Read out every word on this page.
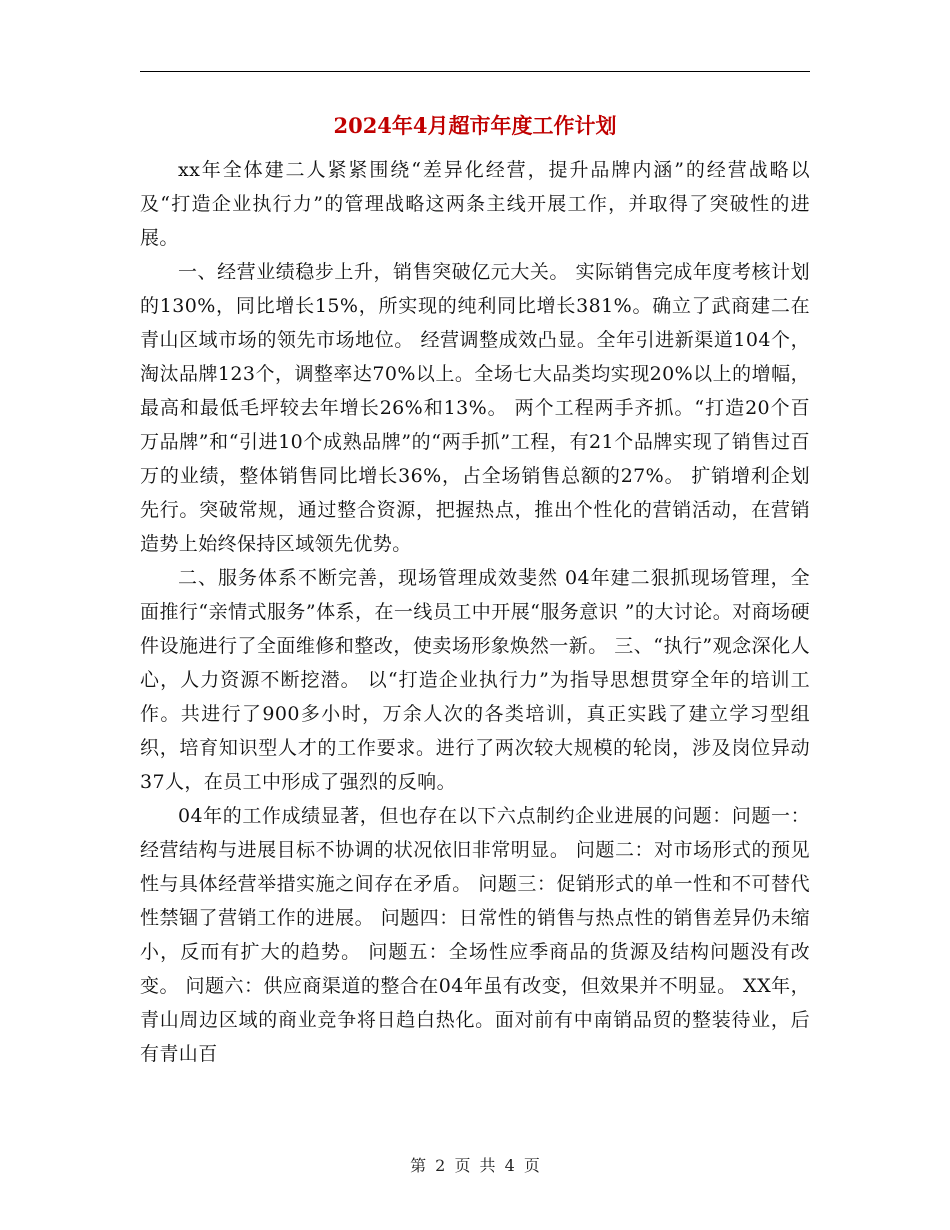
2024年4月超市年度工作计划

xx年全体建二人紧紧围绕“差异化经营，提升品牌内涵”的经营战略以及“打造企业执行力”的管理战略这两条主线开展工作，并取得了突破性的进展。

一、经营业绩稳步上升，销售突破亿元大关。 实际销售完成年度考核计划的130%，同比增长15%，所实现的纯利同比增长381%。确立了武商建二在青山区域市场的领先市场地位。 经营调整成效凸显。全年引进新渠道104个，淘汰品牌123个，调整率达70%以上。全场七大品类均实现20%以上的增幅，最高和最低毛坪较去年增长26%和13%。 两个工程两手齐抓。“打造20个百万品牌”和“引进10个成熟品牌”的“两手抓”工程，有21个品牌实现了销售过百万的业绩，整体销售同比增长36%，占全场销售总额的27%。 扩销增利企划先行。突破常规，通过整合资源，把握热点，推出个性化的营销活动，在营销造势上始终保持区域领先优势。

二、服务体系不断完善，现场管理成效斐然 04年建二狠抓现场管理，全面推行“亲情式服务”体系，在一线员工中开展“服务意识 ”的大讨论。对商场硬件设施进行了全面维修和整改，使卖场形象焕然一新。 三、“执行”观念深化人心，人力资源不断挖潜。 以“打造企业执行力”为指导思想贯穿全年的培训工作。共进行了900多小时，万余人次的各类培训，真正实践了建立学习型组织，培育知识型人才的工作要求。进行了两次较大规模的轮岗，涉及岗位异动37人，在员工中形成了强烈的反响。

04年的工作成绩显著，但也存在以下六点制约企业进展的问题：问题一：经营结构与进展目标不协调的状况依旧非常明显。 问题二：对市场形式的预见性与具体经营举措实施之间存在矛盾。 问题三：促销形式的单一性和不可替代性禁锢了营销工作的进展。 问题四：日常性的销售与热点性的销售差异仍未缩小，反而有扩大的趋势。 问题五：全场性应季商品的货源及结构问题没有改变。 问题六：供应商渠道的整合在04年虽有改变，但效果并不明显。 XX年，青山周边区域的商业竞争将日趋白热化。面对前有中南销品贸的整装待业，后有青山百

第 2 页 共 4 页
